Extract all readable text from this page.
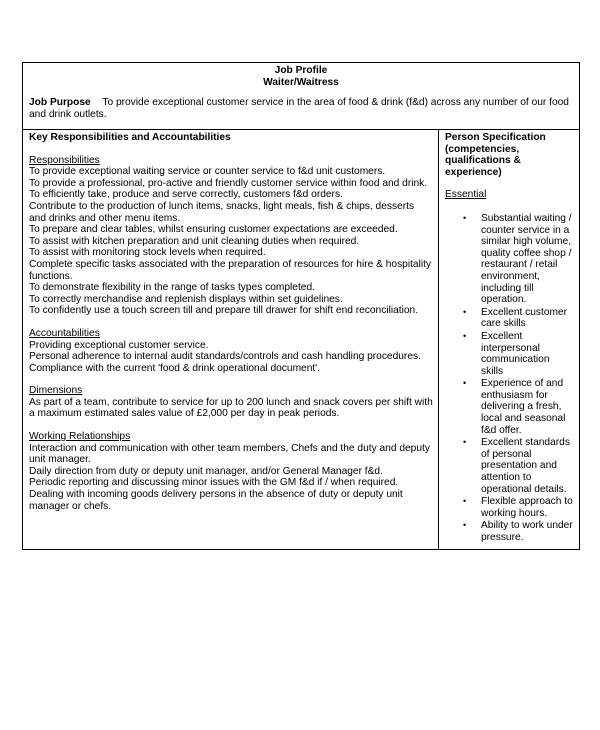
Job Profile
Waiter/Waitress
Job Purpose To provide exceptional customer service in the area of food & drink (f&d) across any number of our food and drink outlets.

Key Responsibilities and Accountabilities
Responsibilities
To provide exceptional waiting service or counter service to f&d unit customers.
To provide a professional, pro-active and friendly customer service within food and drink.
To efficiently take, produce and serve correctly, customers f&d orders.
Contribute to the production of lunch items, snacks, light meals, fish & chips, desserts and drinks and other menu items.
To prepare and clear tables, whilst ensuring customer expectations are exceeded.
To assist with kitchen preparation and unit cleaning duties when required.
To assist with monitoring stock levels when required.
Complete specific tasks associated with the preparation of resources for hire & hospitality functions.
To demonstrate flexibility in the range of tasks types completed.
To correctly merchandise and replenish displays within set guidelines.
To confidently use a touch screen till and prepare till drawer for shift end reconciliation.
Accountabilities
Providing exceptional customer service.
Personal adherence to internal audit standards/controls and cash handling procedures.
Compliance with the current 'food & drink operational document'.
Dimensions
As part of a team, contribute to service for up to 200 lunch and snack covers per shift with a maximum estimated sales value of £2,000 per day in peak periods.
Working Relationships
Interaction and communication with other team members, Chefs and the duty and deputy unit manager.
Daily direction from duty or deputy unit manager, and/or General Manager f&d.
Periodic reporting and discussing minor issues with the GM f&d if / when required.
Dealing with incoming goods delivery persons in the absence of duty or deputy unit manager or chefs.

Person Specification (competencies, qualifications & experience)
Essential
• Substantial waiting / counter service in a similar high volume, quality coffee shop / restaurant / retail environment, including till operation.
• Excellent customer care skills
• Excellent interpersonal communication skills
• Experience of and enthusiasm for delivering a fresh, local and seasonal f&d offer.
• Excellent standards of personal presentation and attention to operational details.
• Flexible approach to working hours.
• Ability to work under pressure.
